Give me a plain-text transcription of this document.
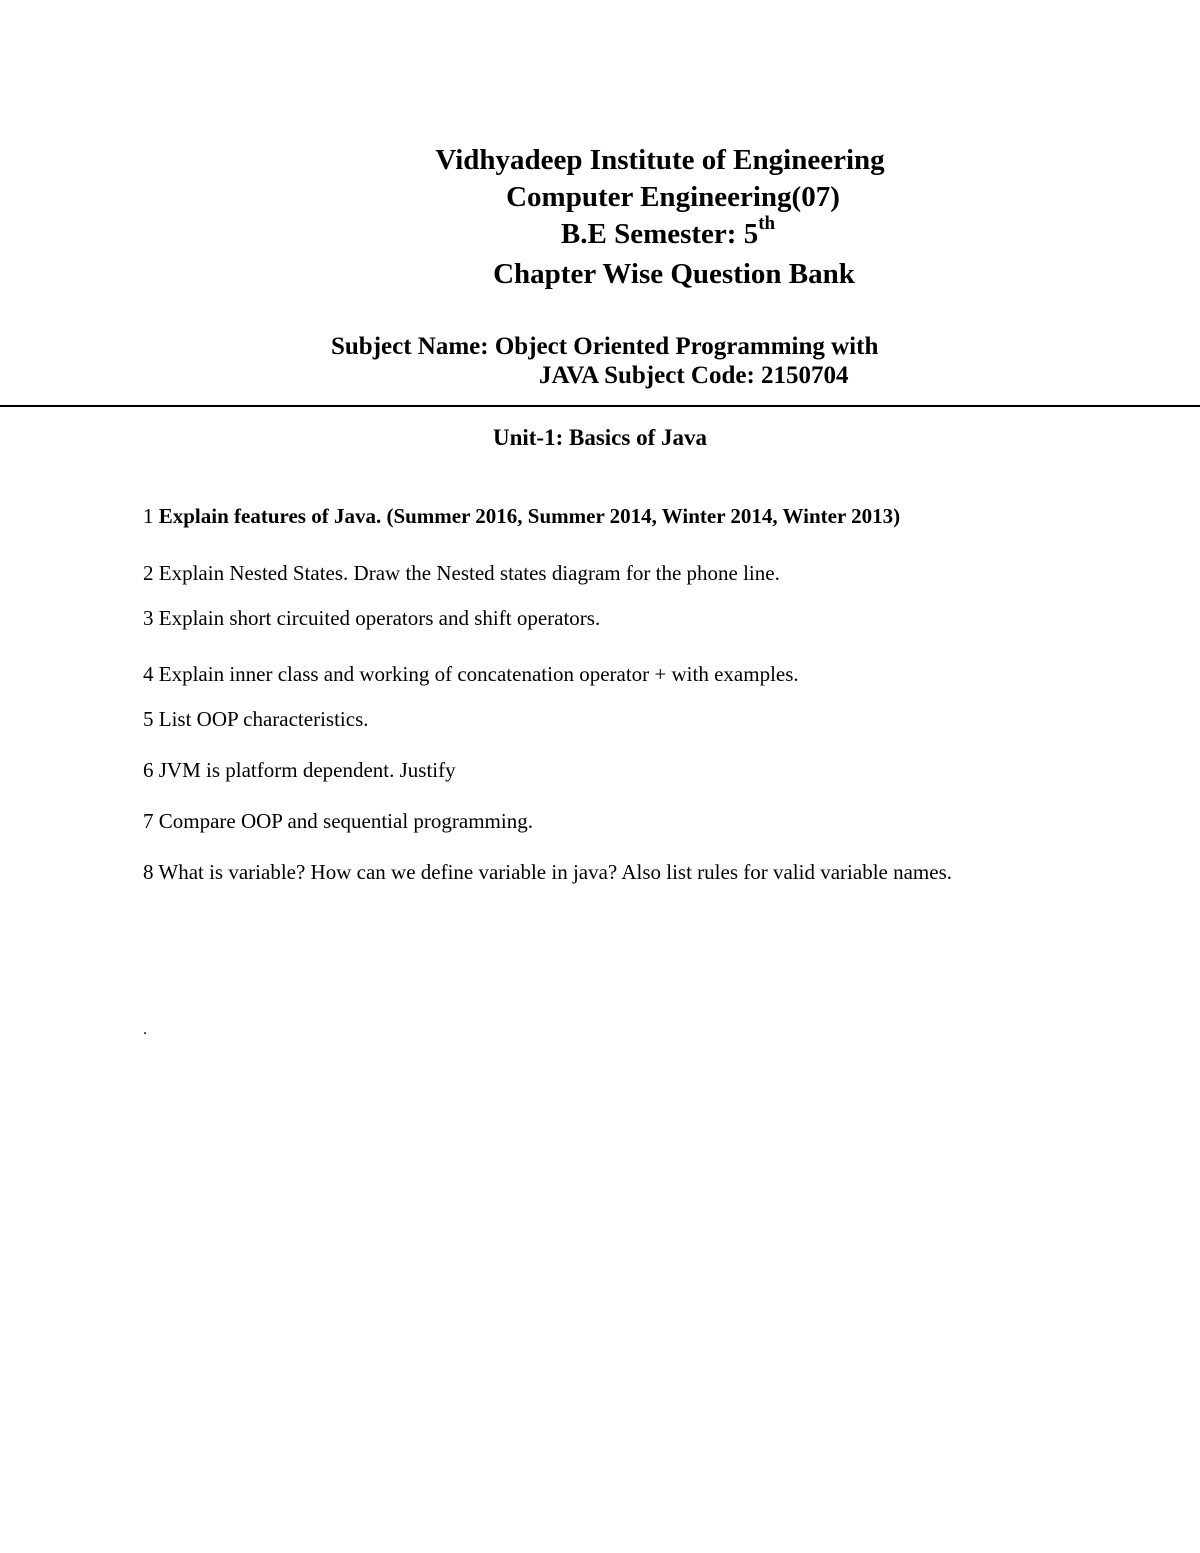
Vidhyadeep Institute of Engineering
Computer Engineering(07)
B.E Semester: 5th
Chapter Wise Question Bank
Subject Name: Object Oriented Programming with
JAVA Subject Code: 2150704
Unit-1: Basics of Java
1 Explain features of Java. (Summer 2016, Summer 2014, Winter 2014, Winter 2013)
2 Explain Nested States. Draw the Nested states diagram for the phone line.
3 Explain short circuited operators and shift operators.
4 Explain inner class and working of concatenation operator + with examples.
5 List OOP characteristics.
6 JVM is platform dependent. Justify
7 Compare OOP and sequential programming.
8 What is variable? How can we define variable in java? Also list rules for valid variable names.
.
